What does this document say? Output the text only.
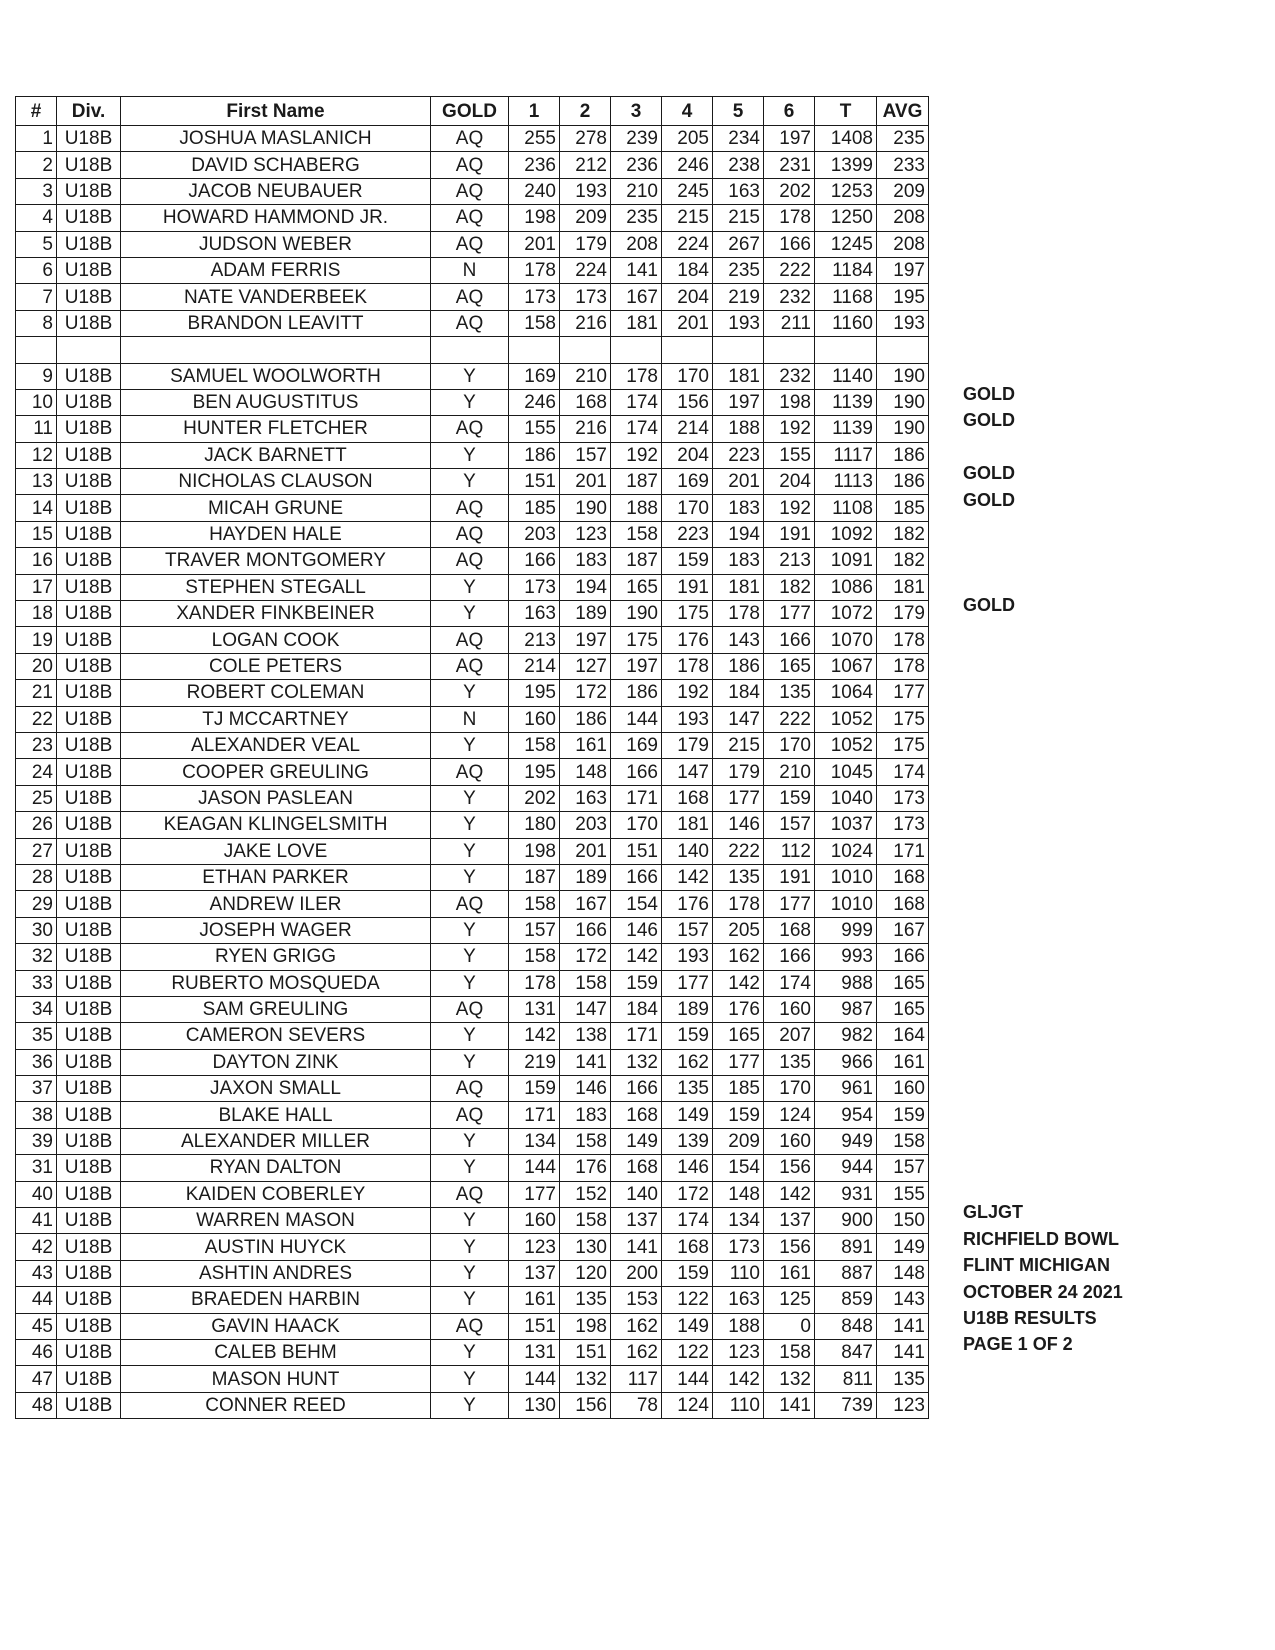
#	Div.	First Name	GOLD	1	2	3	4	5	6	T	AVG
1	U18B	JOSHUA MASLANICH	AQ	255	278	239	205	234	197	1408	235
2	U18B	DAVID SCHABERG	AQ	236	212	236	246	238	231	1399	233
3	U18B	JACOB NEUBAUER	AQ	240	193	210	245	163	202	1253	209
4	U18B	HOWARD HAMMOND JR.	AQ	198	209	235	215	215	178	1250	208
5	U18B	JUDSON WEBER	AQ	201	179	208	224	267	166	1245	208
6	U18B	ADAM FERRIS	N	178	224	141	184	235	222	1184	197
7	U18B	NATE VANDERBEEK	AQ	173	173	167	204	219	232	1168	195
8	U18B	BRANDON LEAVITT	AQ	158	216	181	201	193	211	1160	193

9	U18B	SAMUEL WOOLWORTH	Y	169	210	178	170	181	232	1140	190
10	U18B	BEN AUGUSTITUS	Y	246	168	174	156	197	198	1139	190
11	U18B	HUNTER FLETCHER	AQ	155	216	174	214	188	192	1139	190
12	U18B	JACK BARNETT	Y	186	157	192	204	223	155	1117	186
13	U18B	NICHOLAS CLAUSON	Y	151	201	187	169	201	204	1113	186
14	U18B	MICAH GRUNE	AQ	185	190	188	170	183	192	1108	185
15	U18B	HAYDEN HALE	AQ	203	123	158	223	194	191	1092	182
16	U18B	TRAVER MONTGOMERY	AQ	166	183	187	159	183	213	1091	182
17	U18B	STEPHEN STEGALL	Y	173	194	165	191	181	182	1086	181
18	U18B	XANDER FINKBEINER	Y	163	189	190	175	178	177	1072	179
19	U18B	LOGAN COOK	AQ	213	197	175	176	143	166	1070	178
20	U18B	COLE PETERS	AQ	214	127	197	178	186	165	1067	178
21	U18B	ROBERT COLEMAN	Y	195	172	186	192	184	135	1064	177
22	U18B	TJ MCCARTNEY	N	160	186	144	193	147	222	1052	175
23	U18B	ALEXANDER VEAL	Y	158	161	169	179	215	170	1052	175
24	U18B	COOPER GREULING	AQ	195	148	166	147	179	210	1045	174
25	U18B	JASON PASLEAN	Y	202	163	171	168	177	159	1040	173
26	U18B	KEAGAN KLINGELSMITH	Y	180	203	170	181	146	157	1037	173
27	U18B	JAKE LOVE	Y	198	201	151	140	222	112	1024	171
28	U18B	ETHAN PARKER	Y	187	189	166	142	135	191	1010	168
29	U18B	ANDREW ILER	AQ	158	167	154	176	178	177	1010	168
30	U18B	JOSEPH WAGER	Y	157	166	146	157	205	168	999	167
32	U18B	RYEN GRIGG	Y	158	172	142	193	162	166	993	166
33	U18B	RUBERTO MOSQUEDA	Y	178	158	159	177	142	174	988	165
34	U18B	SAM GREULING	AQ	131	147	184	189	176	160	987	165
35	U18B	CAMERON SEVERS	Y	142	138	171	159	165	207	982	164
36	U18B	DAYTON ZINK	Y	219	141	132	162	177	135	966	161
37	U18B	JAXON SMALL	AQ	159	146	166	135	185	170	961	160
38	U18B	BLAKE HALL	AQ	171	183	168	149	159	124	954	159
39	U18B	ALEXANDER MILLER	Y	134	158	149	139	209	160	949	158
31	U18B	RYAN DALTON	Y	144	176	168	146	154	156	944	157
40	U18B	KAIDEN COBERLEY	AQ	177	152	140	172	148	142	931	155
41	U18B	WARREN MASON	Y	160	158	137	174	134	137	900	150
42	U18B	AUSTIN HUYCK	Y	123	130	141	168	173	156	891	149
43	U18B	ASHTIN ANDRES	Y	137	120	200	159	110	161	887	148
44	U18B	BRAEDEN HARBIN	Y	161	135	153	122	163	125	859	143
45	U18B	GAVIN HAACK	AQ	151	198	162	149	188	0	848	141
46	U18B	CALEB BEHM	Y	131	151	162	122	123	158	847	141
47	U18B	MASON HUNT	Y	144	132	117	144	142	132	811	135
48	U18B	CONNER REED	Y	130	156	78	124	110	141	739	123
GOLD
GOLD
GOLD
GOLD
GOLD
GLJGT
RICHFIELD BOWL
FLINT MICHIGAN
OCTOBER 24 2021
U18B RESULTS
PAGE 1 OF 2
